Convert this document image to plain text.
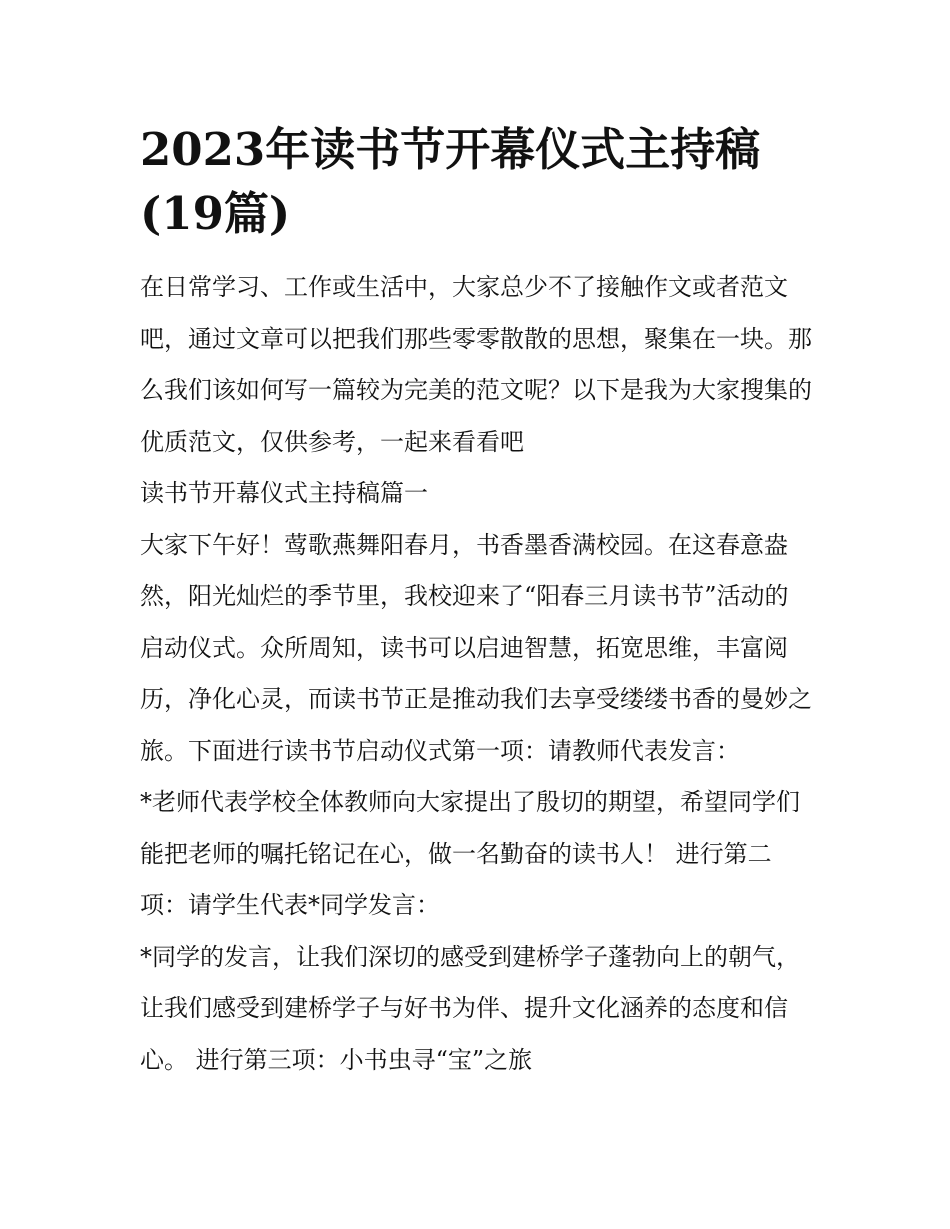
2023年读书节开幕仪式主持稿(19篇)

在日常学习、工作或生活中，大家总少不了接触作文或者范文吧，通过文章可以把我们那些零零散散的思想，聚集在一块。那么我们该如何写一篇较为完美的范文呢？以下是我为大家搜集的优质范文，仅供参考，一起来看看吧

读书节开幕仪式主持稿篇一

大家下午好！莺歌燕舞阳春月，书香墨香满校园。在这春意盎然，阳光灿烂的季节里，我校迎来了“阳春三月读书节”活动的启动仪式。众所周知，读书可以启迪智慧，拓宽思维，丰富阅历，净化心灵，而读书节正是推动我们去享受缕缕书香的曼妙之旅。下面进行读书节启动仪式第一项：请教师代表发言：

*老师代表学校全体教师向大家提出了殷切的期望，希望同学们能把老师的嘱托铭记在心，做一名勤奋的读书人！ 进行第二项：请学生代表*同学发言：

*同学的发言，让我们深切的感受到建桥学子蓬勃向上的朝气，让我们感受到建桥学子与好书为伴、提升文化涵养的态度和信心。 进行第三项：小书虫寻“宝”之旅
